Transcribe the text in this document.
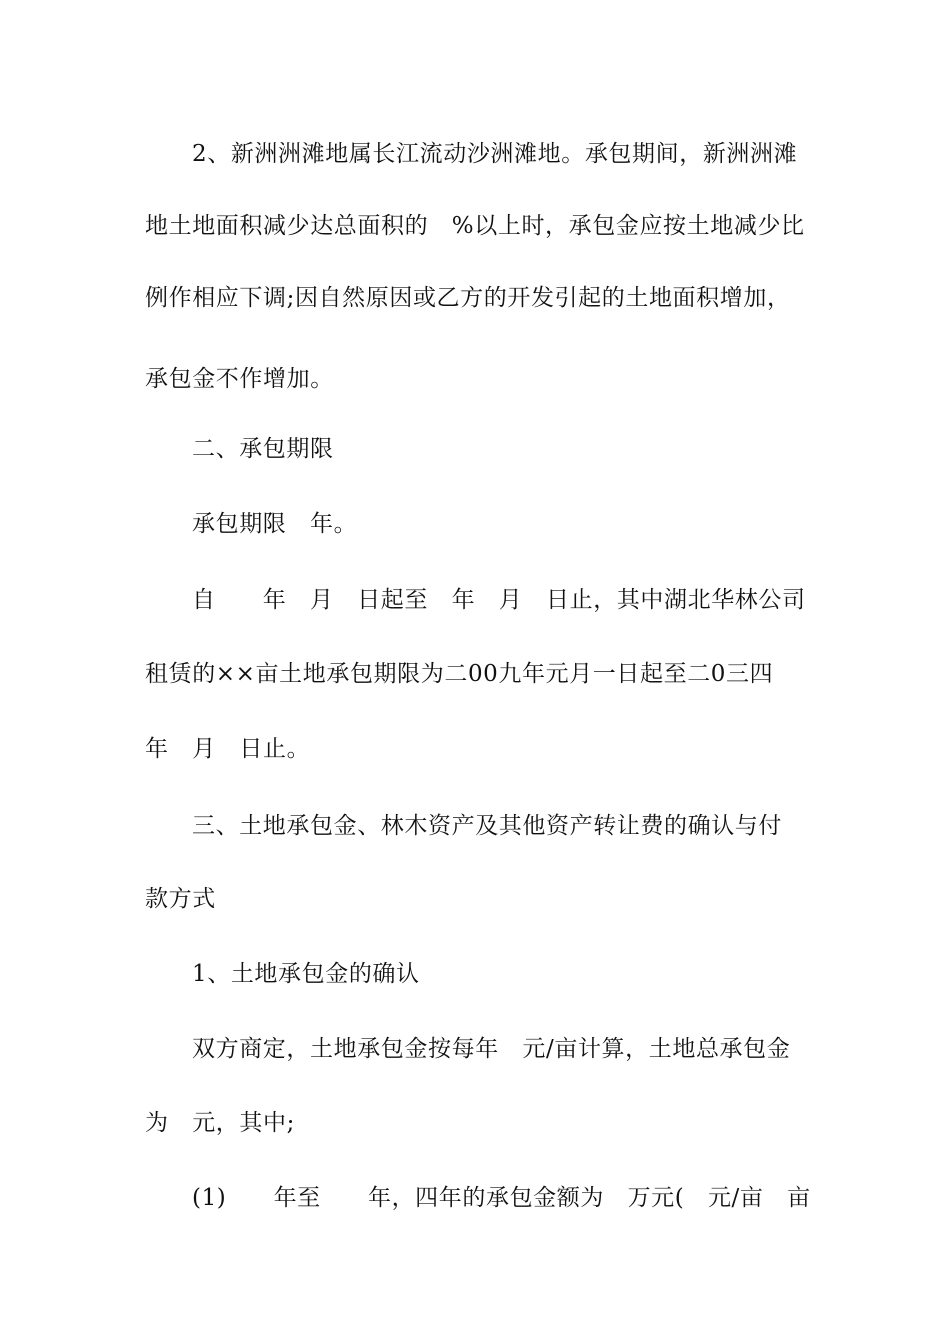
2、新洲洲滩地属长江流动沙洲滩地。承包期间，新洲洲滩
地土地面积减少达总面积的　%以上时，承包金应按土地减少比
例作相应下调;因自然原因或乙方的开发引起的土地面积增加，
承包金不作增加。
二、承包期限
承包期限　年。
自　　年　月　日起至　年　月　日止，其中湖北华林公司
租赁的××亩土地承包期限为二00九年元月一日起至二0三四
年　月　日止。
三、土地承包金、林木资产及其他资产转让费的确认与付
款方式
1、土地承包金的确认
双方商定，土地承包金按每年　元/亩计算，土地总承包金
为　元，其中;
(1)　　年至　　年，四年的承包金额为　万元(　元/亩　亩
